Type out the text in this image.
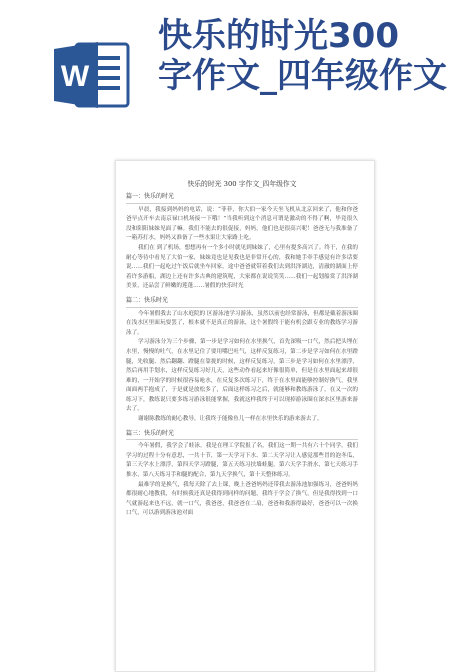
W
快乐的时光300
字作文_四年级作文
快乐的时光 300 字作文_四年级作文
篇一：快乐的时光
早晨，我接到妈妈的电话，说：“菲菲，你大伯一家今天坐飞机从北京回来了，他和你爸爸早点开车去南京禄口机场接一下哦！”当我听到这个消息可谓是激动的不得了啊，毕竟很久没和阳阳妹妹见面了嘛。我们不能去的很促接，妈妈，他们也是很高兴呢！爸爸无与我准备了一箱苏打水，妈妈又准备了一些水果让大家路上吃。
我们在 到了机场，想想再有一个多小时就见到妹妹了，心里有提多高兴了。终于，在我的耐心等待中看见了大伯一家，妹妹竟也是见我也是非常开心的，我和她手牵手感觉有许多话要说……我们一起吃过午饭后就坐车回家。途中爸爸就带着我们去到洪泽湖边，清澈的湖面上停着许多游船，湖边上还有许多古典的建筑呢，大家都在说说笑笑……我们一起划船赏了洪泽湖美景，还品尝了鲜嫩的莲蓬……暑假的快乐时光
篇二：快乐时光
今年暑假我去了山水庭院的 区游泳池学习游泳，虽然以前也经常游泳，但都是戴着游泳圈在浅水区里面玩耍罢了，根本就不是真正的游泳，这个暑假终于能有机会跟专业的教练学习游泳了。
学习游泳分为三个步骤，第一步是学习如何在水里换气，首先深吸一口气，然后把头埋在水里，慢慢的吐气，在水里记住了要用嘴巴吐气，这样反复练习，第二步是学习如何在水里蹬腿，先收腿、然后翻翻、蹬腿在靠拢的时候，这样反复练习，第三步是学习如何在水里漂浮，然后再用手划水，这样反复练习好几天，这些动作看起来好像很简单，但是在水里面起来却很难的，一开始学的时候很容易呛水，在反复多次练习下，终于在水里面能够控制好换气，我里面面两手抱成了，于是就是放松多了，后面这样练习之后，就能够和教练游泳了，在又一次的练习下，教练说只要多练习游泳很能掌握，我就这样我终于可以现掉游泳圈在深水区里游来游去了。
谢谢陈教练的耐心教导，让我终于能像鱼儿一样在水里快乐的游来游去了。
篇三：快乐的时光
今年暑假，我学会了蛙泳。我是在理工学院报了名，我们这一期一共有六十个同学。我们学习的过程十分有意思，一共十节，第一天学习下水、第二天学习让人感觉那些冒的泡冬瓜，第三天学水上漂浮，第四天学习蹬腿，第五天练习扶墙蛙腿，第六天学手滑水，第七天练习手推水，第八天练习手和腿的配合，第九天学换气，第十天整体练习。
最难学的是换气，我每天除了去上课，晚上爸爸妈妈还带我去游泳池加强练习，爸爸妈妈都很耐心地教我，有时候我还真是我得到同样的问题，我终于学会了换气，但是我得找到一口气就游起来也不远，就一口气，我爸爸，我爸爸在二扇，爸爸和我游得最好，爸爸可以一次换 口气，可以游到游泳池对面
